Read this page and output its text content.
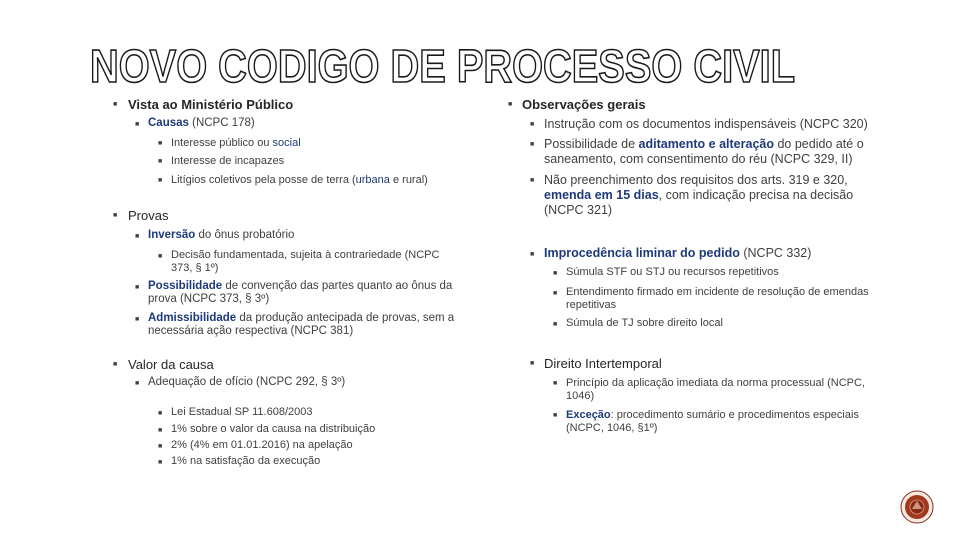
NOVO CODIGO DE PROCESSO CIVIL
■ Vista ao Ministério Público
■ Causas (NCPC 178)
■ Interesse público ou social
■ Interesse de incapazes
■ Litígios coletivos pela posse de terra (urbana e rural)
■ Provas
■ Inversão do ônus probatório
■ Decisão fundamentada, sujeita à contrariedade (NCPC
373, § 1º)
■ Possibilidade de convenção das partes quanto ao ônus da
prova (NCPC 373, § 3º)
■ Admissibilidade da produção antecipada de provas, sem a
necessária ação respectiva (NCPC 381)
■ Valor da causa
■ Adequação de ofício (NCPC 292, § 3º)
■ Lei Estadual SP 11.608/2003
■ 1% sobre o valor da causa na distribuição
■ 2% (4% em 01.01.2016) na apelação
■ 1% na satisfação da execução
■ Observações gerais
■ Instrução com os documentos indispensáveis (NCPC 320)
■ Possibilidade de aditamento e alteração do pedido até o
saneamento, com consentimento do réu (NCPC 329, II)
■ Não preenchimento dos requisitos dos arts. 319 e 320,
emenda em 15 dias, com indicação precisa na decisão
(NCPC 321)
■ Improcedência liminar do pedido (NCPC 332)
■ Súmula STF ou STJ ou recursos repetitivos
■ Entendimento firmado em incidente de resolução de emendas
repetitivas
■ Súmula de TJ sobre direito local
■ Direito Intertemporal
■ Princípio da aplicação imediata da norma processual (NCPC,
1046)
■ Exceção: procedimento sumário e procedimentos especiais
(NCPC, 1046, §1º)
